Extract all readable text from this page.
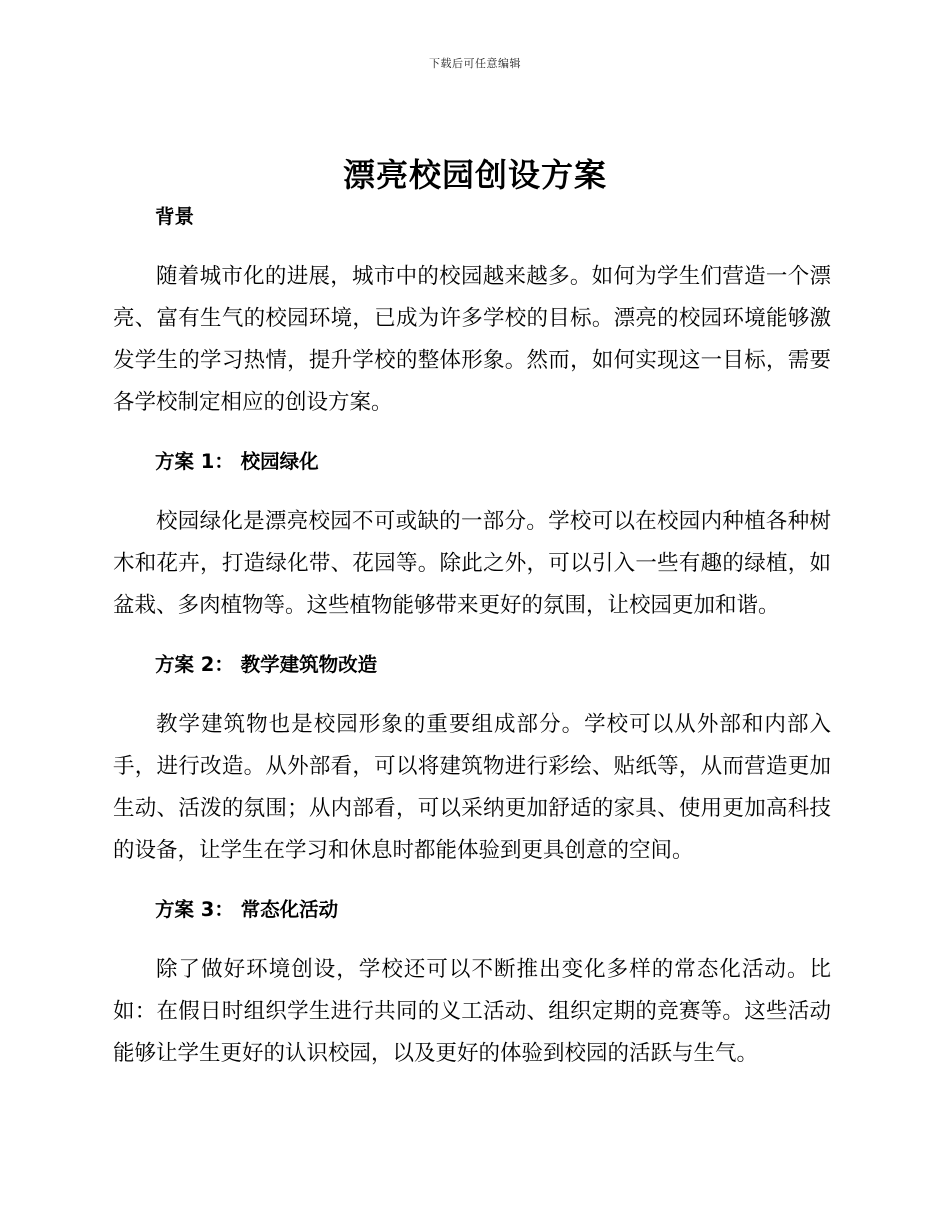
下载后可任意编辑
漂亮校园创设方案
背景

随着城市化的进展，城市中的校园越来越多。如何为学生们营造一个漂亮、富有生气的校园环境，已成为许多学校的目标。漂亮的校园环境能够激发学生的学习热情，提升学校的整体形象。然而，如何实现这一目标，需要各学校制定相应的创设方案。

方案 1： 校园绿化

校园绿化是漂亮校园不可或缺的一部分。学校可以在校园内种植各种树木和花卉，打造绿化带、花园等。除此之外，可以引入一些有趣的绿植，如盆栽、多肉植物等。这些植物能够带来更好的氛围，让校园更加和谐。

方案 2： 教学建筑物改造

教学建筑物也是校园形象的重要组成部分。学校可以从外部和内部入手，进行改造。从外部看，可以将建筑物进行彩绘、贴纸等，从而营造更加生动、活泼的氛围；从内部看，可以采纳更加舒适的家具、使用更加高科技的设备，让学生在学习和休息时都能体验到更具创意的空间。

方案 3： 常态化活动

除了做好环境创设，学校还可以不断推出变化多样的常态化活动。比如：在假日时组织学生进行共同的义工活动、组织定期的竞赛等。这些活动能够让学生更好的认识校园，以及更好的体验到校园的活跃与生气。
